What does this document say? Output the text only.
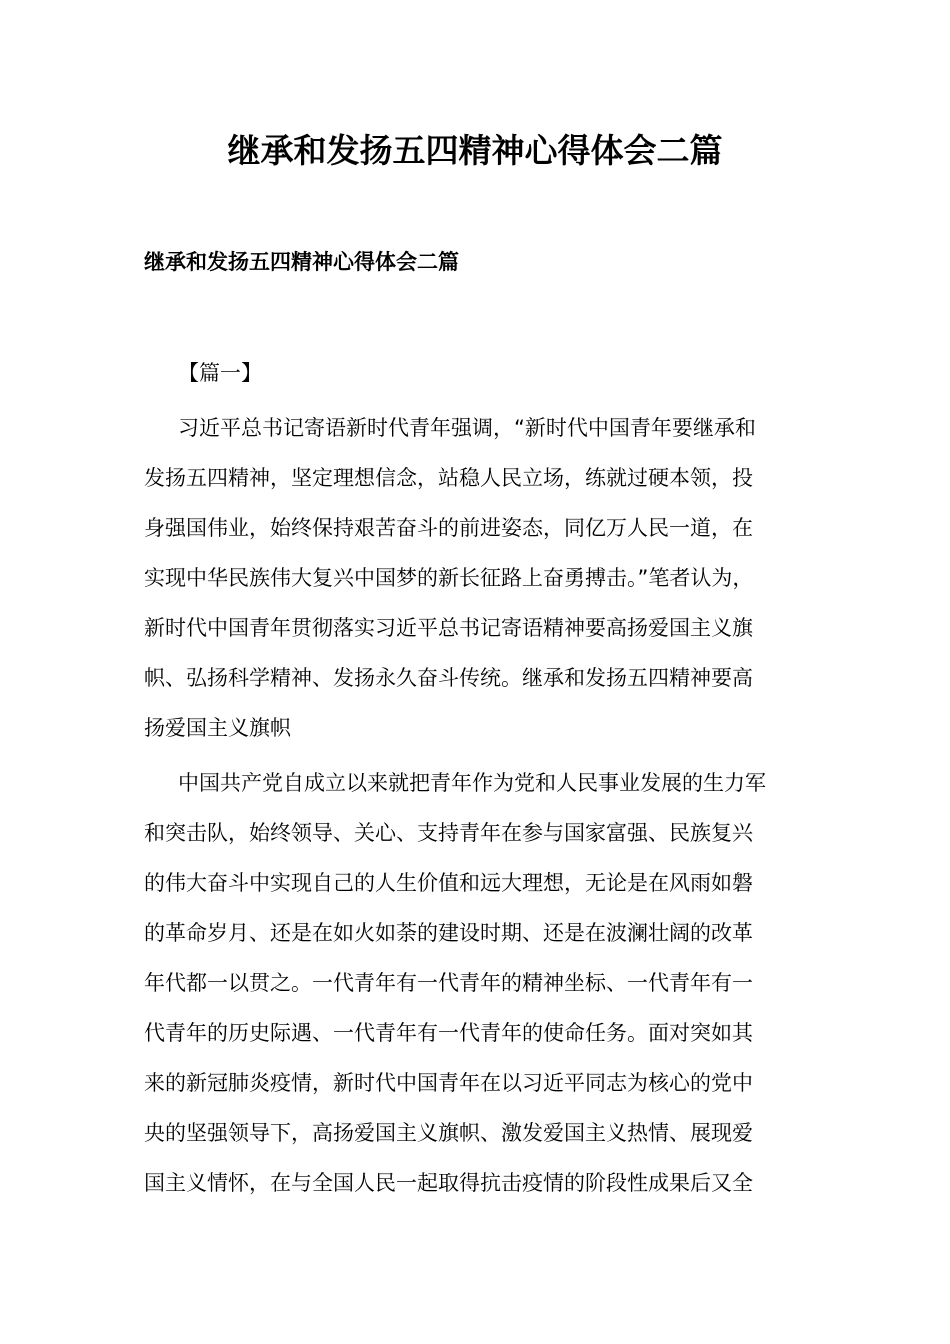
继承和发扬五四精神心得体会二篇
继承和发扬五四精神心得体会二篇

【篇一】

习近平总书记寄语新时代青年强调，“新时代中国青年要继承和

发扬五四精神，坚定理想信念，站稳人民立场，练就过硬本领，投

身强国伟业，始终保持艰苦奋斗的前进姿态，同亿万人民一道，在

实现中华民族伟大复兴中国梦的新长征路上奋勇搏击。”笔者认为，

新时代中国青年贯彻落实习近平总书记寄语精神要高扬爱国主义旗

帜、弘扬科学精神、发扬永久奋斗传统。继承和发扬五四精神要高

扬爱国主义旗帜

中国共产党自成立以来就把青年作为党和人民事业发展的生力军

和突击队，始终领导、关心、支持青年在参与国家富强、民族复兴

的伟大奋斗中实现自己的人生价值和远大理想，无论是在风雨如磐

的革命岁月、还是在如火如荼的建设时期、还是在波澜壮阔的改革

年代都一以贯之。一代青年有一代青年的精神坐标、一代青年有一

代青年的历史际遇、一代青年有一代青年的使命任务。面对突如其

来的新冠肺炎疫情，新时代中国青年在以习近平同志为核心的党中

央的坚强领导下，高扬爱国主义旗帜、激发爱国主义热情、展现爱

国主义情怀，在与全国人民一起取得抗击疫情的阶段性成果后又全
